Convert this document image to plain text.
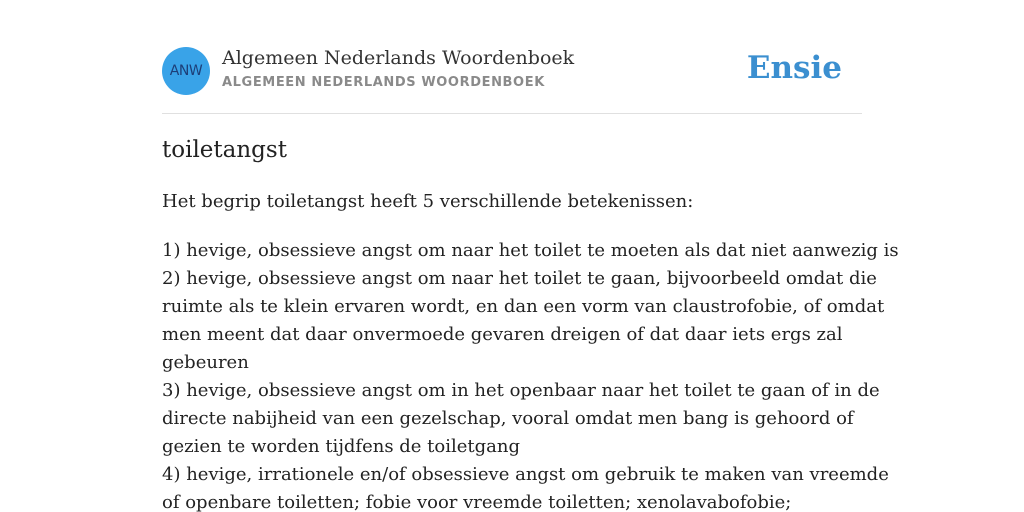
ANW
Algemeen Nederlands Woordenboek
ALGEMEEN NEDERLANDS WOORDENBOEK	Ensie
toiletangst
Het begrip toiletangst heeft 5 verschillende betekenissen:
1) hevige, obsessieve angst om naar het toilet te moeten als dat niet aanwezig is
2) hevige, obsessieve angst om naar het toilet te gaan, bijvoorbeeld omdat die
ruimte als te klein ervaren wordt, en dan een vorm van claustrofobie, of omdat
men meent dat daar onvermoede gevaren dreigen of dat daar iets ergs zal
gebeuren
3) hevige, obsessieve angst om in het openbaar naar het toilet te gaan of in de
directe nabijheid van een gezelschap, vooral omdat men bang is gehoord of
gezien te worden tijdfens de toiletgang
4) hevige, irrationele en/of obsessieve angst om gebruik te maken van vreemde
of openbare toiletten; fobie voor vreemde toiletten; xenolavabofobie;
